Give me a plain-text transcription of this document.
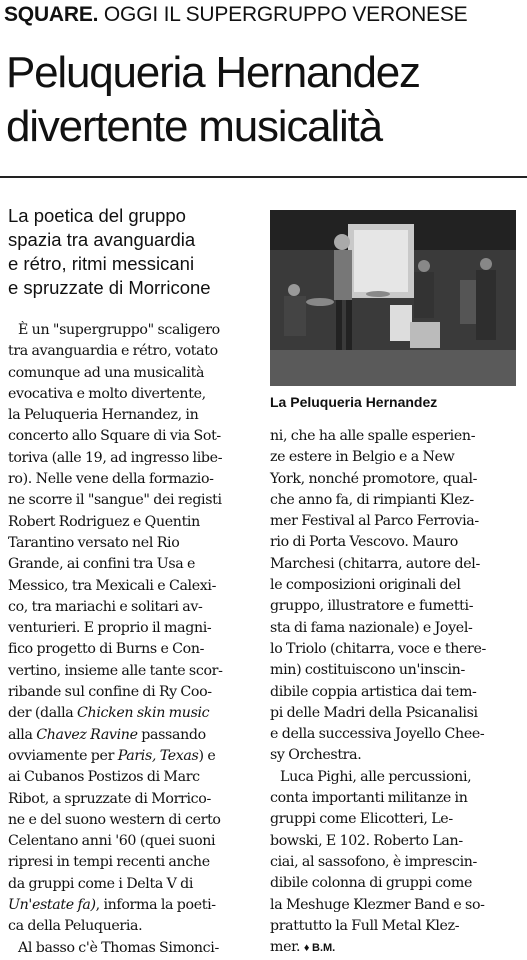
SQUARE. OGGI IL SUPERGRUPPO VERONESE
Peluqueria Hernandez
divertente musicalità
La poetica del gruppo
spazia tra avanguardia
e rétro, ritmi messicani
e spruzzate di Morricone
La Peluqueria Hernandez
È un "supergruppo" scaligero
tra avanguardia e rétro, votato
comunque ad una musicalità
evocativa e molto divertente,
la Peluqueria Hernandez, in
concerto allo Square di via Sot-
toriva (alle 19, ad ingresso libe-
ro). Nelle vene della formazio-
ne scorre il "sangue" dei registi
Robert Rodriguez e Quentin
Tarantino versato nel Rio
Grande, ai confini tra Usa e
Messico, tra Mexicali e Calexi-
co, tra mariachi e solitari av-
venturieri. E proprio il magni-
fico progetto di Burns e Con-
vertino, insieme alle tante scor-
ribande sul confine di Ry Coo-
der (dalla Chicken skin music
alla Chavez Ravine passando
ovviamente per Paris, Texas) e
ai Cubanos Postizos di Marc
Ribot, a spruzzate di Morrico-
ne e del suono western di certo
Celentano anni '60 (quei suoni
ripresi in tempi recenti anche
da gruppi come i Delta V di
Un'estate fa), informa la poeti-
ca della Peluqueria.
Al basso c'è Thomas Simonci-
ni, che ha alle spalle esperien-
ze estere in Belgio e a New
York, nonché promotore, qual-
che anno fa, di rimpianti Klez-
mer Festival al Parco Ferrovia-
rio di Porta Vescovo. Mauro
Marchesi (chitarra, autore del-
le composizioni originali del
gruppo, illustratore e fumetti-
sta di fama nazionale) e Joyel-
lo Triolo (chitarra, voce e there-
min) costituiscono un'inscin-
dibile coppia artistica dai tem-
pi delle Madri della Psicanalisi
e della successiva Joyello Chee-
sy Orchestra.
Luca Pighi, alle percussioni,
conta importanti militanze in
gruppi come Elicotteri, Le-
bowski, E 102. Roberto Lan-
ciai, al sassofono, è imprescin-
dibile colonna di gruppi come
la Meshuge Klezmer Band e so-
prattutto la Full Metal Klez-
mer. ♦ B.M.
